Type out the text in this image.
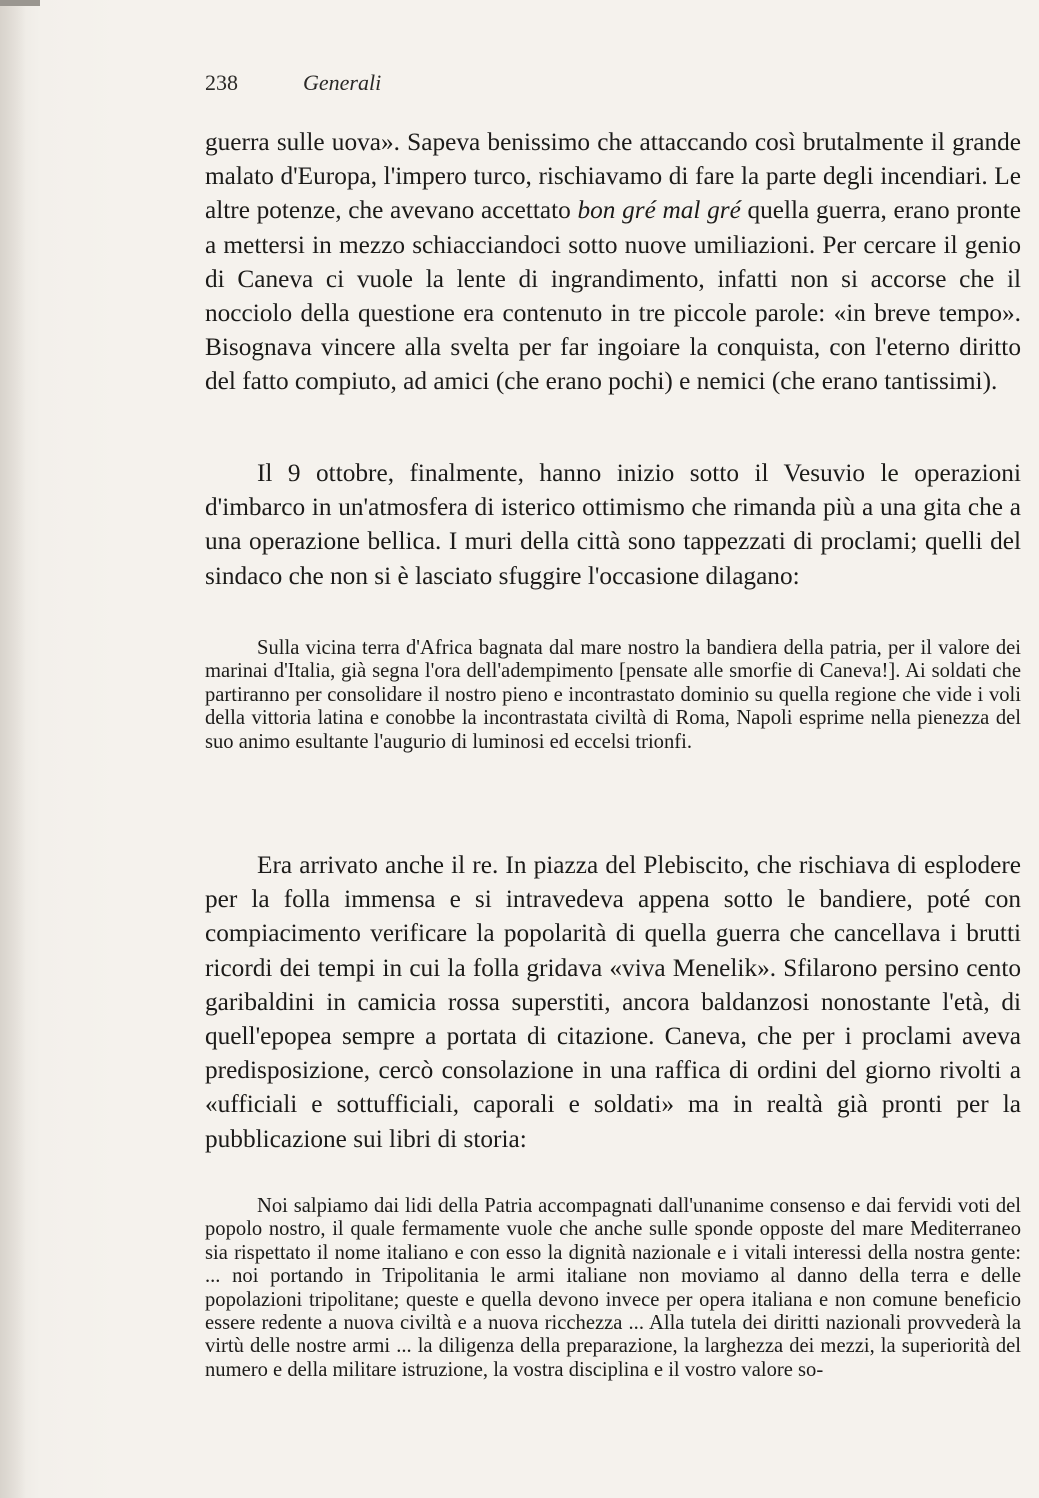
238	Generali

guerra sulle uova». Sapeva benissimo che attaccando così brutalmente il grande malato d'Europa, l'impero turco, rischiavamo di fare la parte degli incendiari. Le altre potenze, che avevano accettato bon gré mal gré quella guerra, erano pronte a mettersi in mezzo schiacciandoci sotto nuove umiliazioni. Per cercare il genio di Caneva ci vuole la lente di ingrandimento, infatti non si accorse che il nocciolo della questione era contenuto in tre piccole parole: «in breve tempo». Bisognava vincere alla svelta per far ingoiare la conquista, con l'eterno diritto del fatto compiuto, ad amici (che erano pochi) e nemici (che erano tantissimi).

Il 9 ottobre, finalmente, hanno inizio sotto il Vesuvio le operazioni d'imbarco in un'atmosfera di isterico ottimismo che rimanda più a una gita che a una operazione bellica. I muri della città sono tappezzati di proclami; quelli del sindaco che non si è lasciato sfuggire l'occasione dilagano:

Sulla vicina terra d'Africa bagnata dal mare nostro la bandiera della patria, per il valore dei marinai d'Italia, già segna l'ora dell'adempimento [pensate alle smorfie di Caneva!]. Ai soldati che partiranno per consolidare il nostro pieno e incontrastato dominio su quella regione che vide i voli della vittoria latina e conobbe la incontrastata civiltà di Roma, Napoli esprime nella pienezza del suo animo esultante l'augurio di luminosi ed eccelsi trionfi.

Era arrivato anche il re. In piazza del Plebiscito, che rischiava di esplodere per la folla immensa e si intravedeva appena sotto le bandiere, poté con compiacimento verificare la popolarità di quella guerra che cancellava i brutti ricordi dei tempi in cui la folla gridava «viva Menelik». Sfilarono persino cento garibaldini in camicia rossa superstiti, ancora baldanzosi nonostante l'età, di quell'epopea sempre a portata di citazione. Caneva, che per i proclami aveva predisposizione, cercò consolazione in una raffica di ordini del giorno rivolti a «ufficiali e sottufficiali, caporali e soldati» ma in realtà già pronti per la pubblicazione sui libri di storia:

Noi salpiamo dai lidi della Patria accompagnati dall'unanime consenso e dai fervidi voti del popolo nostro, il quale fermamente vuole che anche sulle sponde opposte del mare Mediterraneo sia rispettato il nome italiano e con esso la dignità nazionale e i vitali interessi della nostra gente: ... noi portando in Tripolitania le armi italiane non moviamo al danno della terra e delle popolazioni tripolitane; queste e quella devono invece per opera italiana e non comune beneficio essere redente a nuova civiltà e a nuova ricchezza ... Alla tutela dei diritti nazionali provvederà la virtù delle nostre armi ... la diligenza della preparazione, la larghezza dei mezzi, la superiorità del numero e della militare istruzione, la vostra disciplina e il vostro valore so-
